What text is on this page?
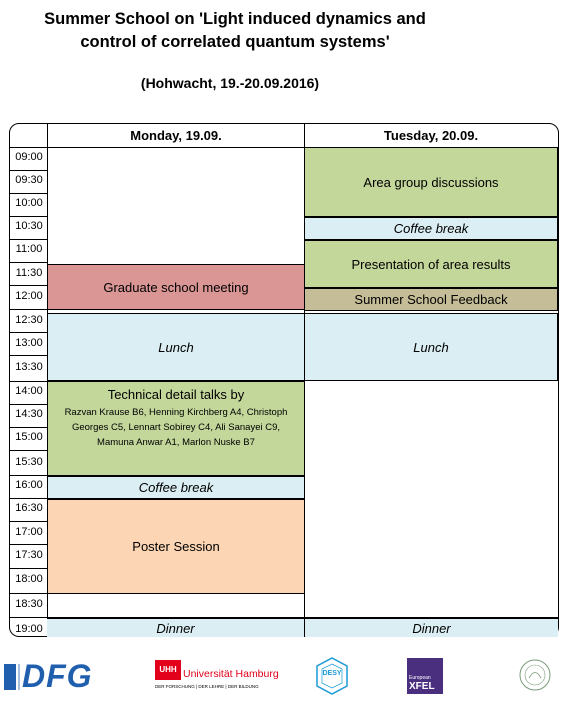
Summer School on 'Light induced dynamics and
control of correlated quantum systems'
(Hohwacht, 19.-20.09.2016)
Monday, 19.09.	Tuesday, 20.09.
09:00
09:30
10:00
10:30
11:00
11:30
12:00
12:30
13:00
13:30
14:00
14:30
15:00
15:30
16:00
16:30
17:00
17:30
18:00
18:30
19:00
Graduate school meeting
Lunch
Technical detail talks by
Razvan Krause B6, Henning Kirchberg A4, Christoph Georges C5, Lennart Sobirey C4, Ali Sanayei C9, Mamuna Anwar A1, Marlon Nuske B7
Coffee break
Poster Session
Dinner
Area group discussions
Coffee break
Presentation of area results
Summer School Feedback
Lunch
Dinner
DFG	UHH Universität Hamburg
DER FORSCHUNG | DER LEHRE | DER BILDUNG
DESY
European
XFEL
